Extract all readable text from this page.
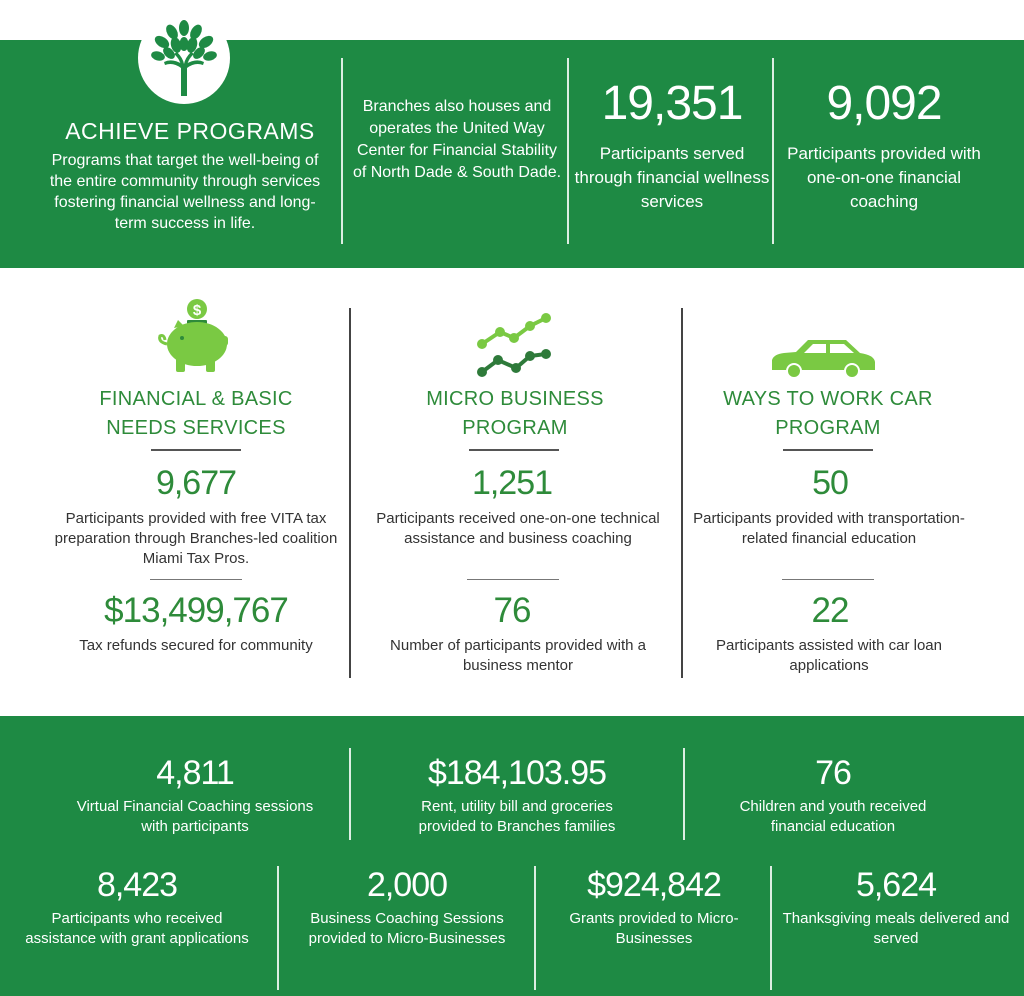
ACHIEVE PROGRAMS
Programs that target the well-being of the entire community through services fostering financial wellness and long-term success in life.
Branches also houses and operates the United Way Center for Financial Stability of North Dade & South Dade.
19,351
Participants served through financial wellness services
9,092
Participants provided with one-on-one financial coaching
$
FINANCIAL & BASIC NEEDS SERVICES
9,677
Participants provided with free VITA tax preparation through Branches-led coalition Miami Tax Pros.
$13,499,767
Tax refunds secured for community
MICRO BUSINESS PROGRAM
1,251
Participants received one-on-one technical assistance and business coaching
76
Number of participants provided with a business mentor
WAYS TO WORK CAR PROGRAM
50
Participants provided with transportation-related financial education
22
Participants assisted with car loan applications
4,811
Virtual Financial Coaching sessions with participants
$184,103.95
Rent, utility bill and groceries provided to Branches families
76
Children and youth received financial education
8,423
Participants who received assistance with grant applications
2,000
Business Coaching Sessions provided to Micro-Businesses
$924,842
Grants provided to Micro-Businesses
5,624
Thanksgiving meals delivered and served
